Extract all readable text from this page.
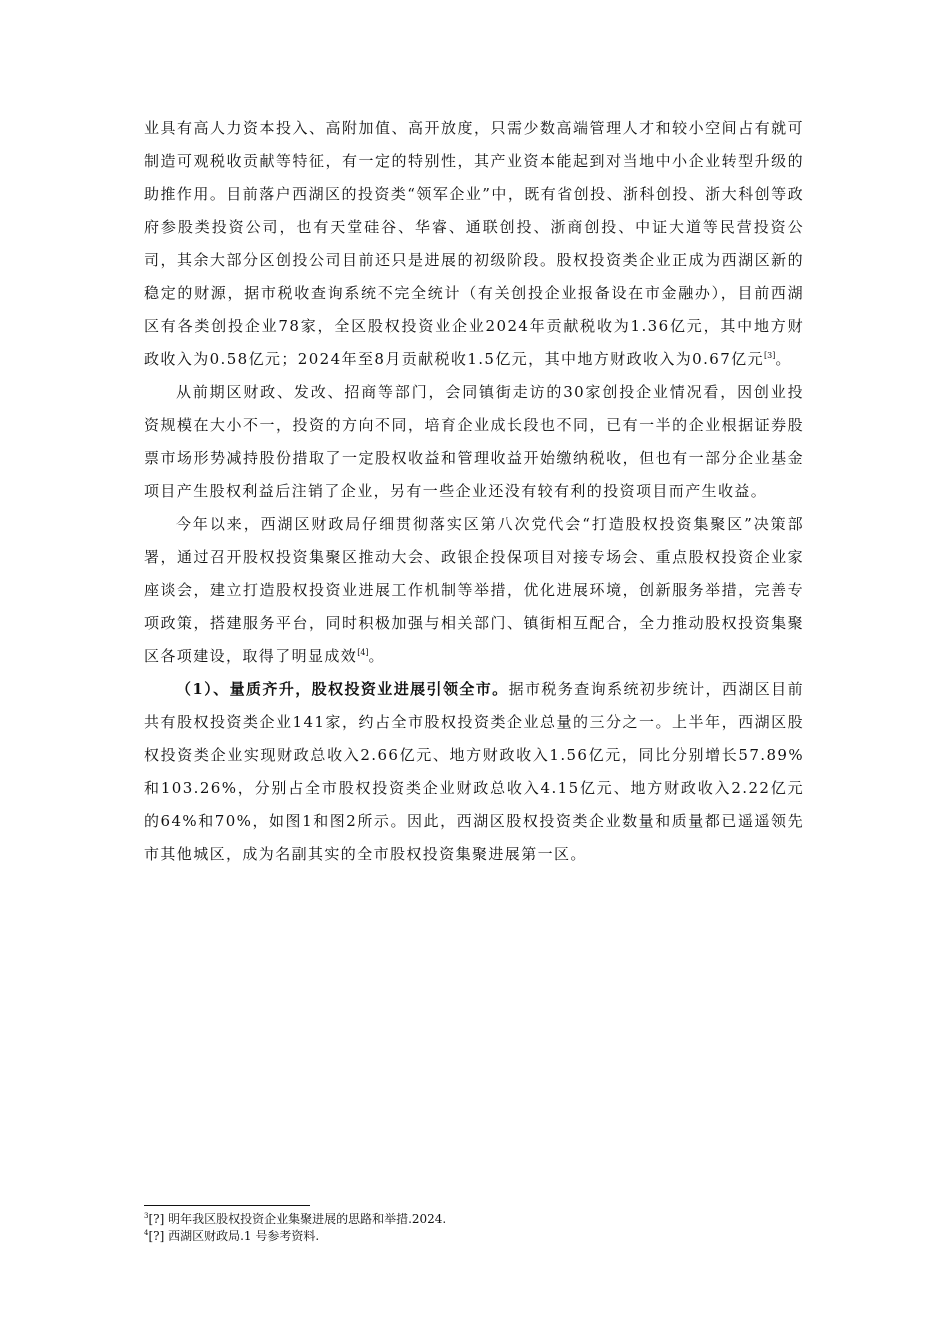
业具有高人力资本投入、高附加值、高开放度，只需少数高端管理人才和较小空间占有就可制造可观税收贡献等特征，有一定的特别性，其产业资本能起到对当地中小企业转型升级的助推作用。目前落户西湖区的投资类“领军企业”中，既有省创投、浙科创投、浙大科创等政府参股类投资公司，也有天堂硅谷、华睿、通联创投、浙商创投、中证大道等民营投资公司，其余大部分区创投公司目前还只是进展的初级阶段。股权投资类企业正成为西湖区新的稳定的财源，据市税收查询系统不完全统计（有关创投企业报备设在市金融办），目前西湖区有各类创投企业78家，全区股权投资业企业2024年贡献税收为1.36亿元，其中地方财政收入为0.58亿元；2024年至8月贡献税收1.5亿元，其中地方财政收入为0.67亿元[3]。

从前期区财政、发改、招商等部门，会同镇街走访的30家创投企业情况看，因创业投资规模在大小不一，投资的方向不同，培育企业成长段也不同，已有一半的企业根据证券股票市场形势减持股份措取了一定股权收益和管理收益开始缴纳税收，但也有一部分企业基金项目产生股权利益后注销了企业，另有一些企业还没有较有利的投资项目而产生收益。

今年以来，西湖区财政局仔细贯彻落实区第八次党代会“打造股权投资集聚区”决策部署，通过召开股权投资集聚区推动大会、政银企投保项目对接专场会、重点股权投资企业家座谈会，建立打造股权投资业进展工作机制等举措，优化进展环境，创新服务举措，完善专项政策，搭建服务平台，同时积极加强与相关部门、镇街相互配合，全力推动股权投资集聚区各项建设，取得了明显成效[4]。

（1）、量质齐升，股权投资业进展引领全市。据市税务查询系统初步统计，西湖区目前共有股权投资类企业141家，约占全市股权投资类企业总量的三分之一。上半年，西湖区股权投资类企业实现财政总收入2.66亿元、地方财政收入1.56亿元，同比分别增长57.89%和103.26%，分别占全市股权投资类企业财政总收入4.15亿元、地方财政收入2.22亿元的64%和70%，如图1和图2所示。因此，西湖区股权投资类企业数量和质量都已遥遥领先市其他城区，成为名副其实的全市股权投资集聚进展第一区。

$^3$[?] 明年我区股权投资企业集聚进展的思路和举措.2024.

$^4$[?] 西湖区财政局.1 号参考资料.
